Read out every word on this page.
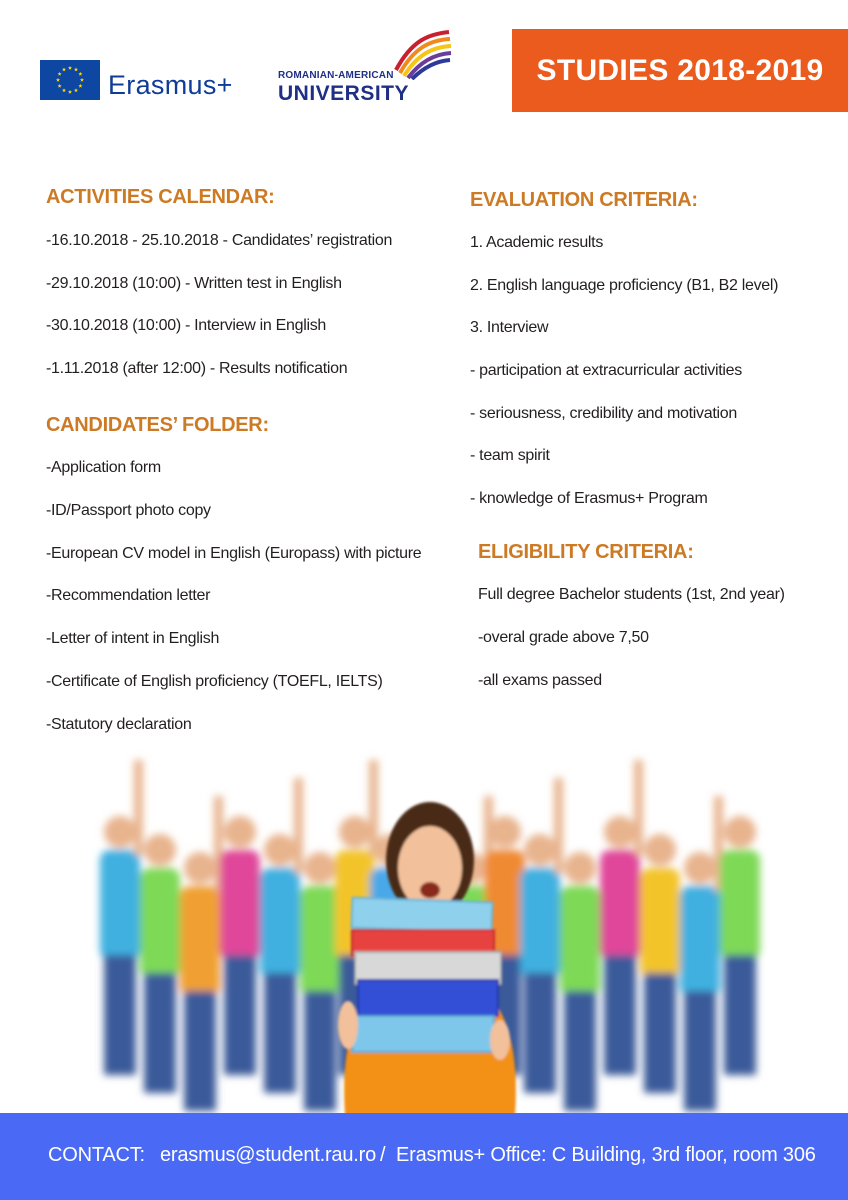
Erasmus+	ROMANIAN-AMERICAN
UNIVERSITY
STUDIES 2018-2019
ACTIVITIES CALENDAR:
-16.10.2018 - 25.10.2018 - Candidates’ registration
-29.10.2018 (10:00) - Written test in English
-30.10.2018 (10:00) - Interview in English
-1.11.2018 (after 12:00) - Results notification
CANDIDATES’ FOLDER:
-Application form
-ID/Passport photo copy
-European CV model in English (Europass) with picture
-Recommendation letter
-Letter of intent in English
-Certificate of English proficiency (TOEFL, IELTS)
-Statutory declaration
EVALUATION CRITERIA:
1. Academic results
2. English language proficiency (B1, B2 level)
3. Interview
- participation at extracurricular activities
- seriousness, credibility and motivation
- team spirit
- knowledge of Erasmus+ Program
ELIGIBILITY CRITERIA:
Full degree Bachelor students (1st, 2nd year)
-overal grade above 7,50
-all exams passed
CONTACT: erasmus@student.rau.ro / Erasmus+ Office: C Building, 3rd floor, room 306
